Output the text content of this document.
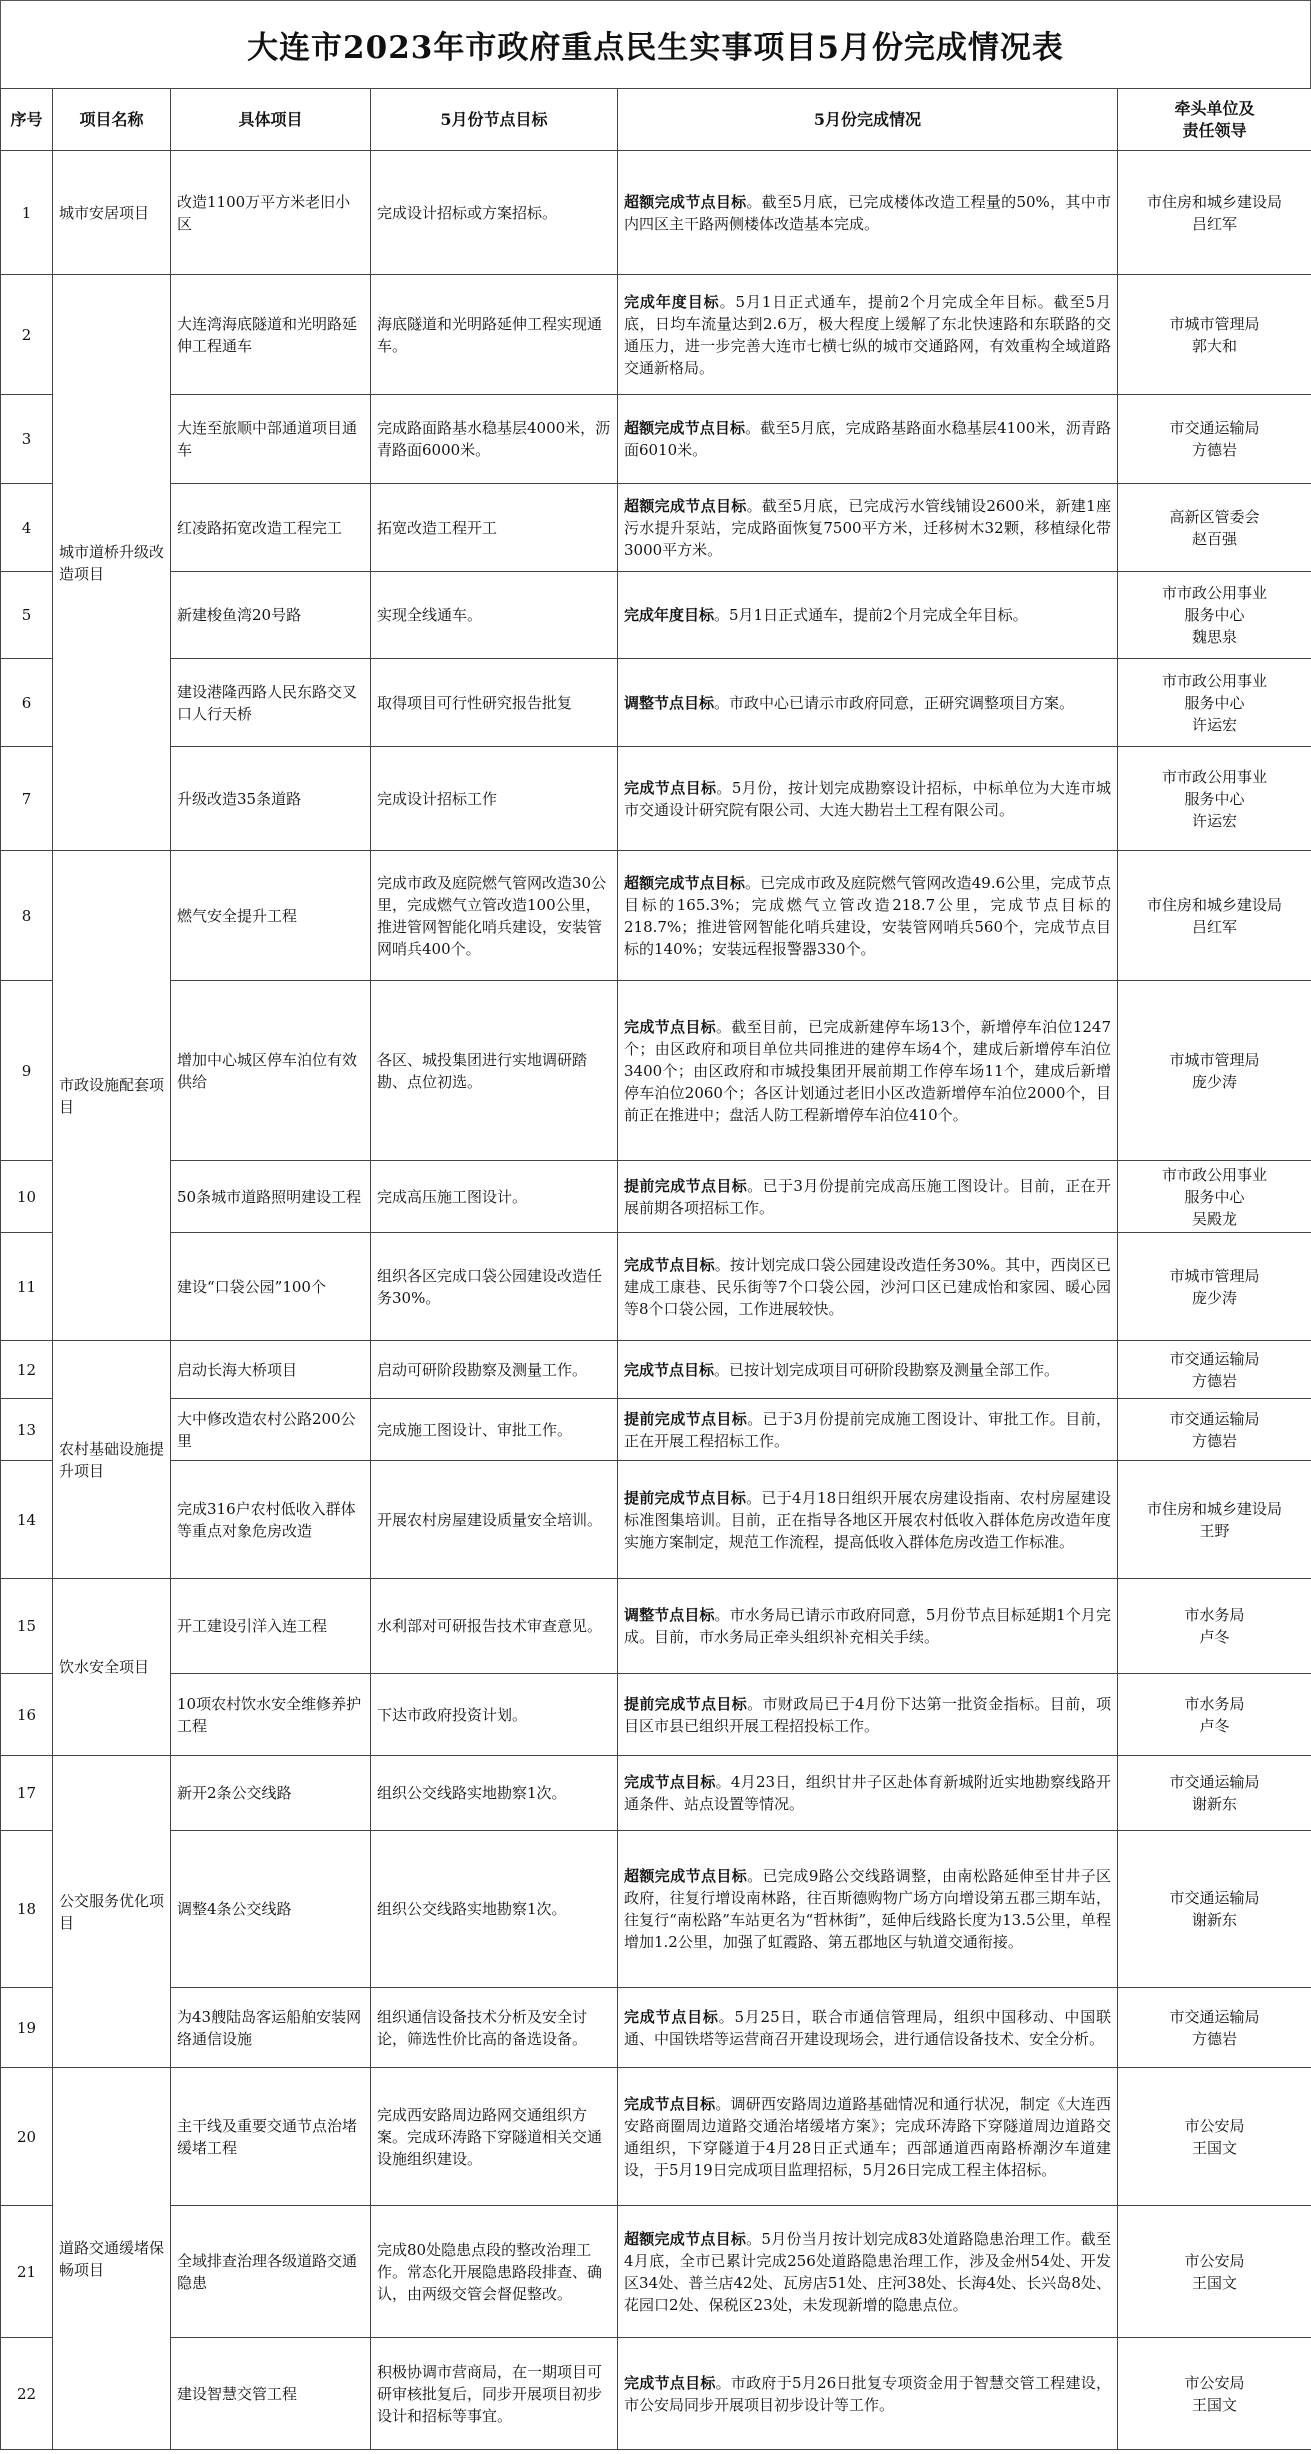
大连市2023年市政府重点民生实事项目5月份完成情况表
序号	项目名称	具体项目	5月份节点目标	5月份完成情况	牵头单位及
责任领导
1	城市安居项目	改造1100万平方米老旧小区	完成设计招标或方案招标。	超额完成节点目标。截至5月底，已完成楼体改造工程量的50%，其中市内四区主干路两侧楼体改造基本完成。	市住房和城乡建设局
吕红军
2	城市道桥升级改造项目	大连湾海底隧道和光明路延伸工程通车	海底隧道和光明路延伸工程实现通车。	完成年度目标。5月1日正式通车，提前2个月完成全年目标。截至5月底，日均车流量达到2.6万，极大程度上缓解了东北快速路和东联路的交通压力，进一步完善大连市七横七纵的城市交通路网，有效重构全域道路交通新格局。	市城市管理局
郭大和
3		大连至旅顺中部通道项目通车	完成路面路基水稳基层4000米，沥青路面6000米。	超额完成节点目标。截至5月底，完成路基路面水稳基层4100米，沥青路面6010米。	市交通运输局
方德岩
4		红凌路拓宽改造工程完工	拓宽改造工程开工	超额完成节点目标。截至5月底，已完成污水管线铺设2600米，新建1座污水提升泵站，完成路面恢复7500平方米，迁移树木32颗，移植绿化带3000平方米。	高新区管委会
赵百强
5		新建梭鱼湾20号路	实现全线通车。	完成年度目标。5月1日正式通车，提前2个月完成全年目标。	市市政公用事业
服务中心
魏思泉
6		建设港隆西路人民东路交叉口人行天桥	取得项目可行性研究报告批复	调整节点目标。市政中心已请示市政府同意，正研究调整项目方案。	市市政公用事业
服务中心
许运宏
7		升级改造35条道路	完成设计招标工作	完成节点目标。5月份，按计划完成勘察设计招标，中标单位为大连市城市交通设计研究院有限公司、大连大勘岩土工程有限公司。	市市政公用事业
服务中心
许运宏
8	市政设施配套项目	燃气安全提升工程	完成市政及庭院燃气管网改造30公里，完成燃气立管改造100公里，推进管网智能化哨兵建设，安装管网哨兵400个。	超额完成节点目标。已完成市政及庭院燃气管网改造49.6公里，完成节点目标的165.3%；完成燃气立管改造218.7公里，完成节点目标的218.7%；推进管网智能化哨兵建设，安装管网哨兵560个，完成节点目标的140%；安装远程报警器330个。	市住房和城乡建设局
吕红军
9		增加中心城区停车泊位有效供给	各区、城投集团进行实地调研踏勘、点位初选。	完成节点目标。截至目前，已完成新建停车场13个，新增停车泊位1247个；由区政府和项目单位共同推进的建停车场4个，建成后新增停车泊位3400个；由区政府和市城投集团开展前期工作停车场11个，建成后新增停车泊位2060个；各区计划通过老旧小区改造新增停车泊位2000个，目前正在推进中；盘活人防工程新增停车泊位410个。	市城市管理局
庞少涛
10		50条城市道路照明建设工程	完成高压施工图设计。	提前完成节点目标。已于3月份提前完成高压施工图设计。目前，正在开展前期各项招标工作。	市市政公用事业
服务中心
吴殿龙
11		建设“口袋公园”100个	组织各区完成口袋公园建设改造任务30%。	完成节点目标。按计划完成口袋公园建设改造任务30%。其中，西岗区已建成工康巷、民乐街等7个口袋公园，沙河口区已建成怡和家园、暖心园等8个口袋公园，工作进展较快。	市城市管理局
庞少涛
12	农村基础设施提升项目	启动长海大桥项目	启动可研阶段勘察及测量工作。	完成节点目标。已按计划完成项目可研阶段勘察及测量全部工作。	市交通运输局
方德岩
13		大中修改造农村公路200公里	完成施工图设计、审批工作。	提前完成节点目标。已于3月份提前完成施工图设计、审批工作。目前，正在开展工程招标工作。	市交通运输局
方德岩
14		完成316户农村低收入群体等重点对象危房改造	开展农村房屋建设质量安全培训。	提前完成节点目标。已于4月18日组织开展农房建设指南、农村房屋建设标准图集培训。目前，正在指导各地区开展农村低收入群体危房改造年度实施方案制定，规范工作流程，提高低收入群体危房改造工作标准。	市住房和城乡建设局
王野
15	饮水安全项目	开工建设引洋入连工程	水利部对可研报告技术审查意见。	调整节点目标。市水务局已请示市政府同意，5月份节点目标延期1个月完成。目前，市水务局正牵头组织补充相关手续。	市水务局
卢冬
16		10项农村饮水安全维修养护工程	下达市政府投资计划。	提前完成节点目标。市财政局已于4月份下达第一批资金指标。目前，项目区市县已组织开展工程招投标工作。	市水务局
卢冬
17	公交服务优化项目	新开2条公交线路	组织公交线路实地勘察1次。	完成节点目标。4月23日，组织甘井子区赴体育新城附近实地勘察线路开通条件、站点设置等情况。	市交通运输局
谢新东
18		调整4条公交线路	组织公交线路实地勘察1次。	超额完成节点目标。已完成9路公交线路调整，由南松路延伸至甘井子区政府，往复行增设南林路，往百斯德购物广场方向增设第五郡三期车站，往复行“南松路”车站更名为“哲林街”，延伸后线路长度为13.5公里，单程增加1.2公里，加强了虹霞路、第五郡地区与轨道交通衔接。	市交通运输局
谢新东
19		为43艘陆岛客运船舶安装网络通信设施	组织通信设备技术分析及安全讨论，筛选性价比高的备选设备。	完成节点目标。5月25日，联合市通信管理局，组织中国移动、中国联通、中国铁塔等运营商召开建设现场会，进行通信设备技术、安全分析。	市交通运输局
方德岩
20	道路交通缓堵保畅项目	主干线及重要交通节点治堵缓堵工程	完成西安路周边路网交通组织方案。完成环涛路下穿隧道相关交通设施组织建设。	完成节点目标。调研西安路周边道路基础情况和通行状况，制定《大连西安路商圈周边道路交通治堵缓堵方案》；完成环涛路下穿隧道周边道路交通组织，下穿隧道于4月28日正式通车；西部通道西南路桥潮汐车道建设，于5月19日完成项目监理招标，5月26日完成工程主体招标。	市公安局
王国文
21		全域排查治理各级道路交通隐患	完成80处隐患点段的整改治理工作。常态化开展隐患路段排查、确认，由两级交管会督促整改。	超额完成节点目标。5月份当月按计划完成83处道路隐患治理工作。截至4月底，全市已累计完成256处道路隐患治理工作，涉及金州54处、开发区34处、普兰店42处、瓦房店51处、庄河38处、长海4处、长兴岛8处、花园口2处、保税区23处，未发现新增的隐患点位。	市公安局
王国文
22		建设智慧交管工程	积极协调市营商局，在一期项目可研审核批复后，同步开展项目初步设计和招标等事宜。	完成节点目标。市政府于5月26日批复专项资金用于智慧交管工程建设，市公安局同步开展项目初步设计等工作。	市公安局
王国文
